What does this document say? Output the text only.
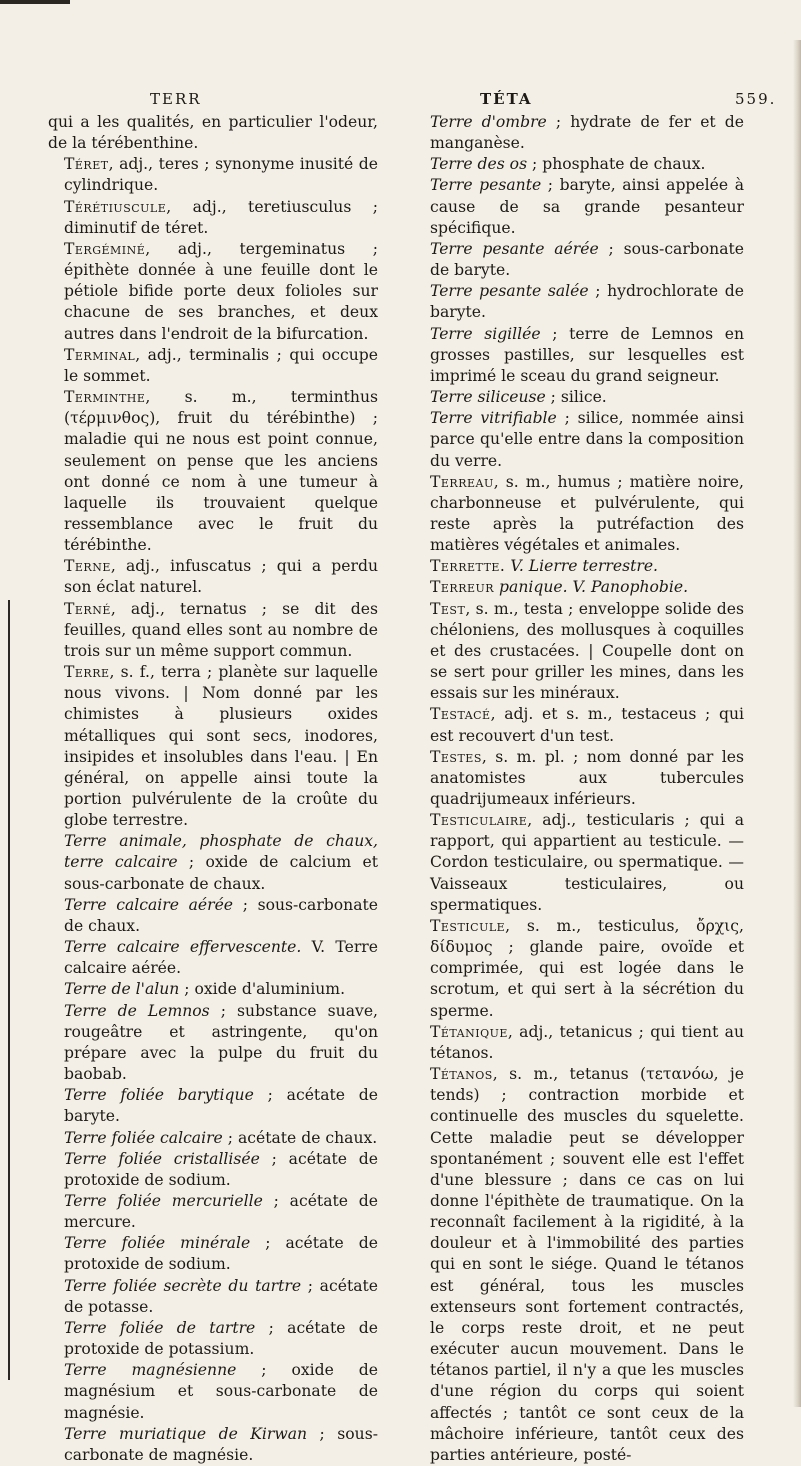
TERR	TÉTA	559.

qui a les qualités, en particulier l'odeur, de la térébenthine.

Téret, adj., teres ; synonyme inusité de cylindrique.

Térétiuscule, adj., teretiusculus ; diminutif de téret.

Tergéminé, adj., tergeminatus ; épithète donnée à une feuille dont le pétiole bifide porte deux folioles sur chacune de ses branches, et deux autres dans l'endroit de la bifurcation.

Terminal, adj., terminalis ; qui occupe le sommet.

Terminthe, s. m., terminthus (τέρμινθος), fruit du térébinthe) ; maladie qui ne nous est point connue, seulement on pense que les anciens ont donné ce nom à une tumeur à laquelle ils trouvaient quelque ressemblance avec le fruit du térébinthe.

Terne, adj., infuscatus ; qui a perdu son éclat naturel.

Terné, adj., ternatus ; se dit des feuilles, quand elles sont au nombre de trois sur un même support commun.

Terre, s. f., terra ; planète sur laquelle nous vivons. | Nom donné par les chimistes à plusieurs oxides métalliques qui sont secs, inodores, insipides et insolubles dans l'eau. | En général, on appelle ainsi toute la portion pulvérulente de la croûte du globe terrestre.

Terre animale, phosphate de chaux, terre calcaire ; oxide de calcium et sous-carbonate de chaux.

Terre calcaire aérée ; sous-carbonate de chaux.

Terre calcaire effervescente. V. Terre calcaire aérée.

Terre de l'alun ; oxide d'aluminium.

Terre de Lemnos ; substance suave, rougeâtre et astringente, qu'on prépare avec la pulpe du fruit du baobab.

Terre foliée barytique ; acétate de baryte.

Terre foliée calcaire ; acétate de chaux.

Terre foliée cristallisée ; acétate de protoxide de sodium.

Terre foliée mercurielle ; acétate de mercure.

Terre foliée minérale ; acétate de protoxide de sodium.

Terre foliée secrète du tartre ; acétate de potasse.

Terre foliée de tartre ; acétate de protoxide de potassium.

Terre magnésienne ; oxide de magnésium et sous-carbonate de magnésie.

Terre muriatique de Kirwan ; sous-carbonate de magnésie.

Terre d'ombre ; hydrate de fer et de manganèse.

Terre des os ; phosphate de chaux.

Terre pesante ; baryte, ainsi appelée à cause de sa grande pesanteur spécifique.

Terre pesante aérée ; sous-carbonate de baryte.

Terre pesante salée ; hydrochlorate de baryte.

Terre sigillée ; terre de Lemnos en grosses pastilles, sur lesquelles est imprimé le sceau du grand seigneur.

Terre siliceuse ; silice.

Terre vitrifiable ; silice, nommée ainsi parce qu'elle entre dans la composition du verre.

Terreau, s. m., humus ; matière noire, charbonneuse et pulvérulente, qui reste après la putréfaction des matières végétales et animales.

Terrette. V. Lierre terrestre.

Terreur panique. V. Panophobie.

Test, s. m., testa ; enveloppe solide des chéloniens, des mollusques à coquilles et des crustacées. | Coupelle dont on se sert pour griller les mines, dans les essais sur les minéraux.

Testacé, adj. et s. m., testaceus ; qui est recouvert d'un test.

Testes, s. m. pl. ; nom donné par les anatomistes aux tubercules quadrijumeaux inférieurs.

Testiculaire, adj., testicularis ; qui a rapport, qui appartient au testicule. — Cordon testiculaire, ou spermatique. — Vaisseaux testiculaires, ou spermatiques.

Testicule, s. m., testiculus, ὄρχις, δίδυμος ; glande paire, ovoïde et comprimée, qui est logée dans le scrotum, et qui sert à la sécrétion du sperme.

Tétanique, adj., tetanicus ; qui tient au tétanos.

Tétanos, s. m., tetanus (τετανόω, je tends) ; contraction morbide et continuelle des muscles du squelette. Cette maladie peut se développer spontanément ; souvent elle est l'effet d'une blessure ; dans ce cas on lui donne l'épithète de traumatique. On la reconnaît facilement à la rigidité, à la douleur et à l'immobilité des parties qui en sont le siége. Quand le tétanos est général, tous les muscles extenseurs sont fortement contractés, le corps reste droit, et ne peut exécuter aucun mouvement. Dans le tétanos partiel, il n'y a que les muscles d'une région du corps qui soient affectés ; tantôt ce sont ceux de la mâchoire inférieure, tantôt ceux des parties antérieure, posté-
